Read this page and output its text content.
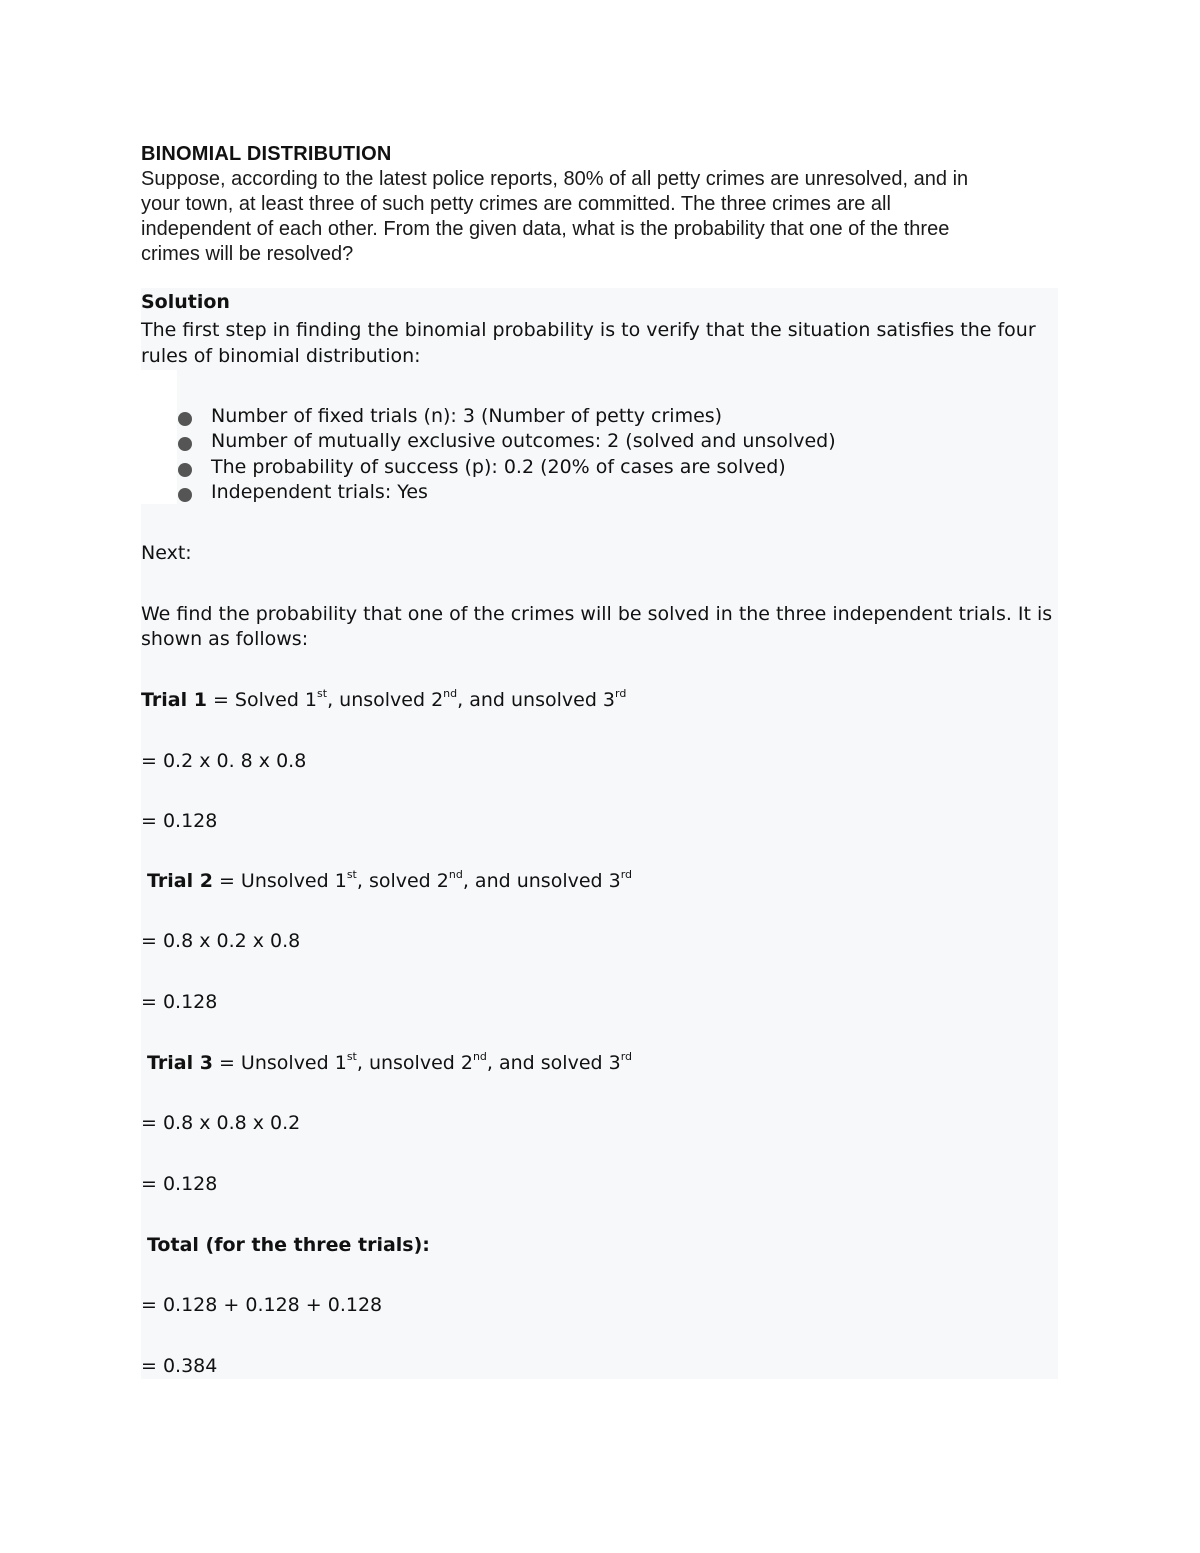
BINOMIAL DISTRIBUTION
Suppose, according to the latest police reports, 80% of all petty crimes are unresolved, and in
your town, at least three of such petty crimes are committed. The three crimes are all
independent of each other. From the given data, what is the probability that one of the three
crimes will be resolved?
Solution
The first step in finding the binomial probability is to verify that the situation satisfies the four
rules of binomial distribution:
Number of fixed trials (n): 3 (Number of petty crimes)
Number of mutually exclusive outcomes: 2 (solved and unsolved)
The probability of success (p): 0.2 (20% of cases are solved)
Independent trials: Yes
Next:
We find the probability that one of the crimes will be solved in the three independent trials. It is
shown as follows:
Trial 1 = Solved 1st, unsolved 2nd, and unsolved 3rd
= 0.2 x 0. 8 x 0.8
= 0.128
Trial 2 = Unsolved 1st, solved 2nd, and unsolved 3rd
= 0.8 x 0.2 x 0.8
= 0.128
Trial 3 = Unsolved 1st, unsolved 2nd, and solved 3rd
= 0.8 x 0.8 x 0.2
= 0.128
Total (for the three trials):
= 0.128 + 0.128 + 0.128
= 0.384
